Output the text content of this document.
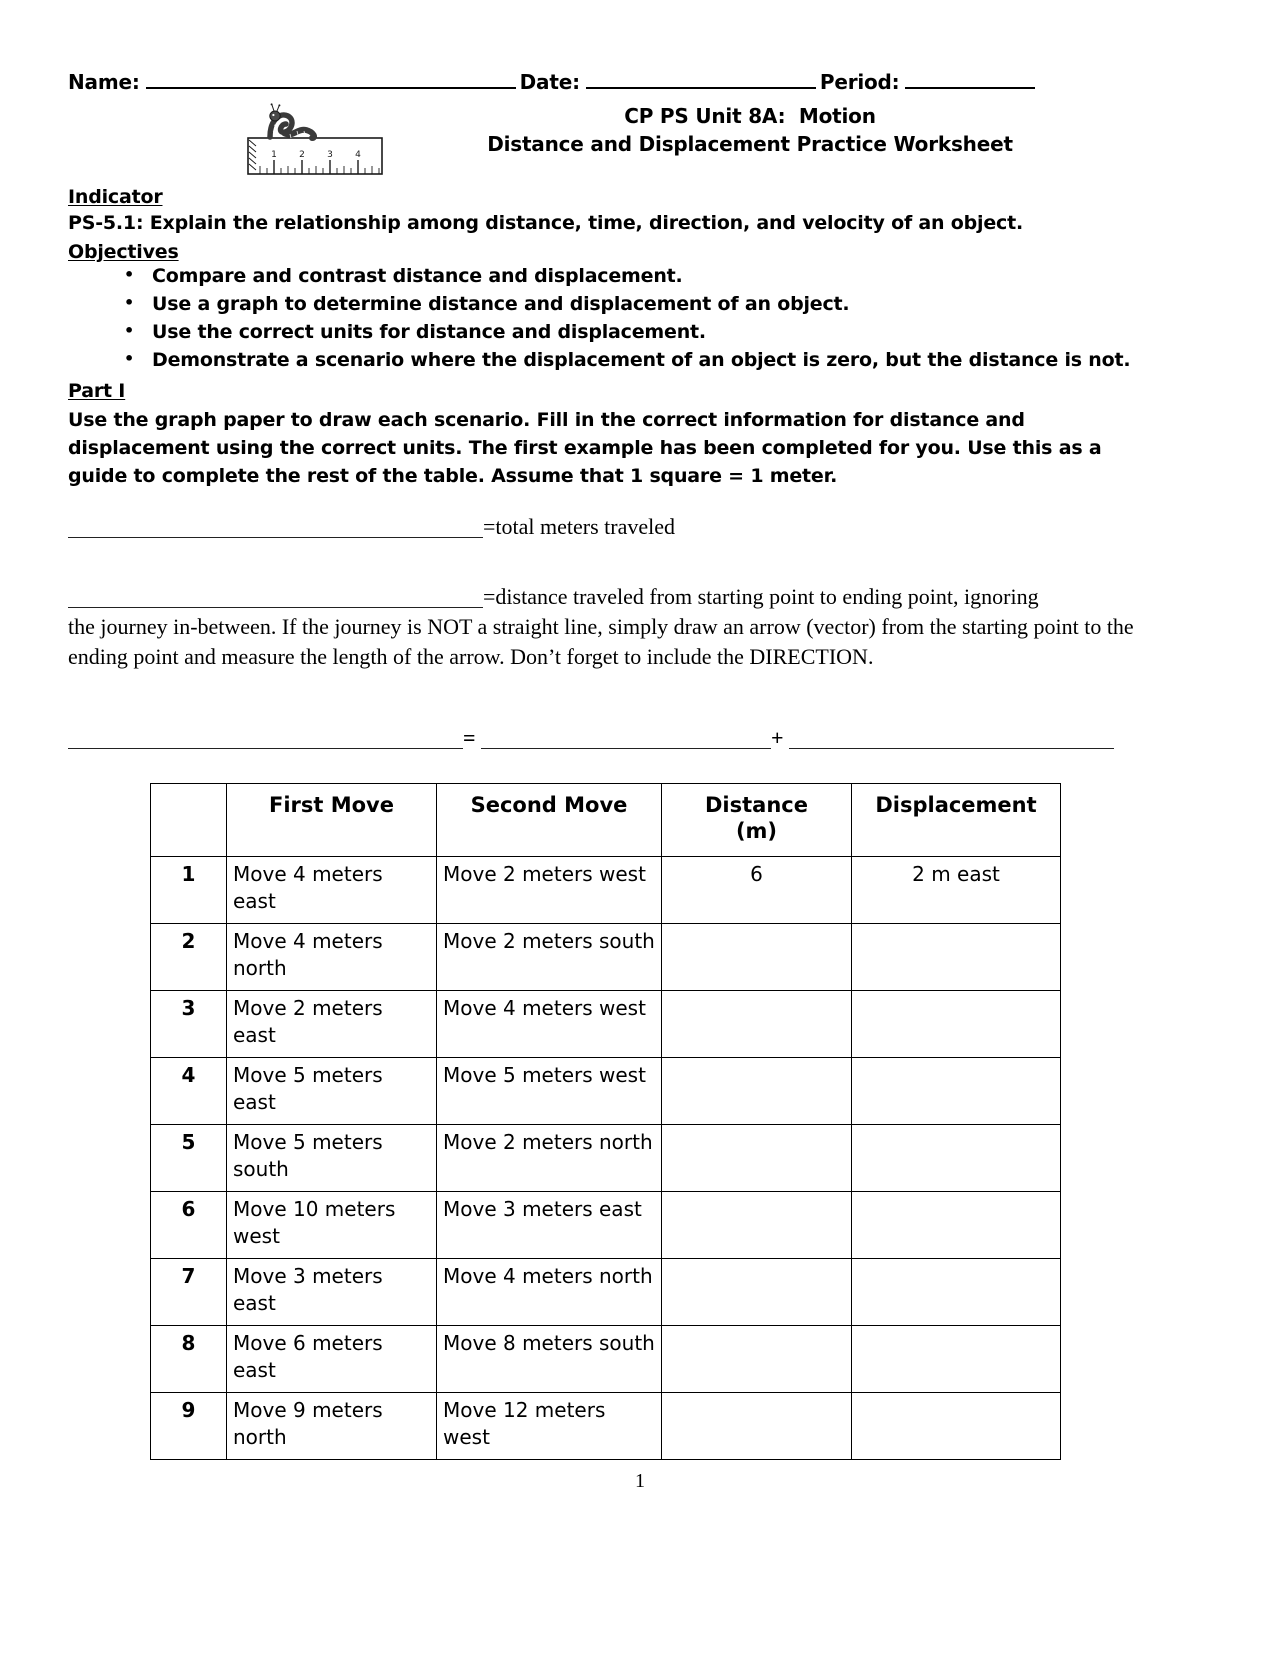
Name:	Date:	Period:
1 2 3 4
CP PS Unit 8A:  Motion
Distance and Displacement Practice Worksheet
Indicator
PS-5.1: Explain the relationship among distance, time, direction, and velocity of an object.
Objectives
• Compare and contrast distance and displacement.
• Use a graph to determine distance and displacement of an object.
• Use the correct units for distance and displacement.
• Demonstrate a scenario where the displacement of an object is zero, but the distance is not.
Part I
Use the graph paper to draw each scenario. Fill in the correct information for distance and displacement using the correct units. The first example has been completed for you. Use this as a guide to complete the rest of the table. Assume that 1 square = 1 meter.
=total meters traveled
=distance traveled from starting point to ending point, ignoring
the journey in-between. If the journey is NOT a straight line, simply draw an arrow (vector) from the starting point to the ending point and measure the length of the arrow. Don’t forget to include the DIRECTION.
=	+
	First Move	Second Move	Distance
(m)	Displacement
1	Move 4 meters east	Move 2 meters west	6	2 m east
2	Move 4 meters north	Move 2 meters south		
3	Move 2 meters east	Move 4 meters west		
4	Move 5 meters east	Move 5 meters west		
5	Move 5 meters south	Move 2 meters north		
6	Move 10 meters west	Move 3 meters east		
7	Move 3 meters east	Move 4 meters north		
8	Move 6 meters east	Move 8 meters south		
9	Move 9 meters north	Move 12 meters west		
1
